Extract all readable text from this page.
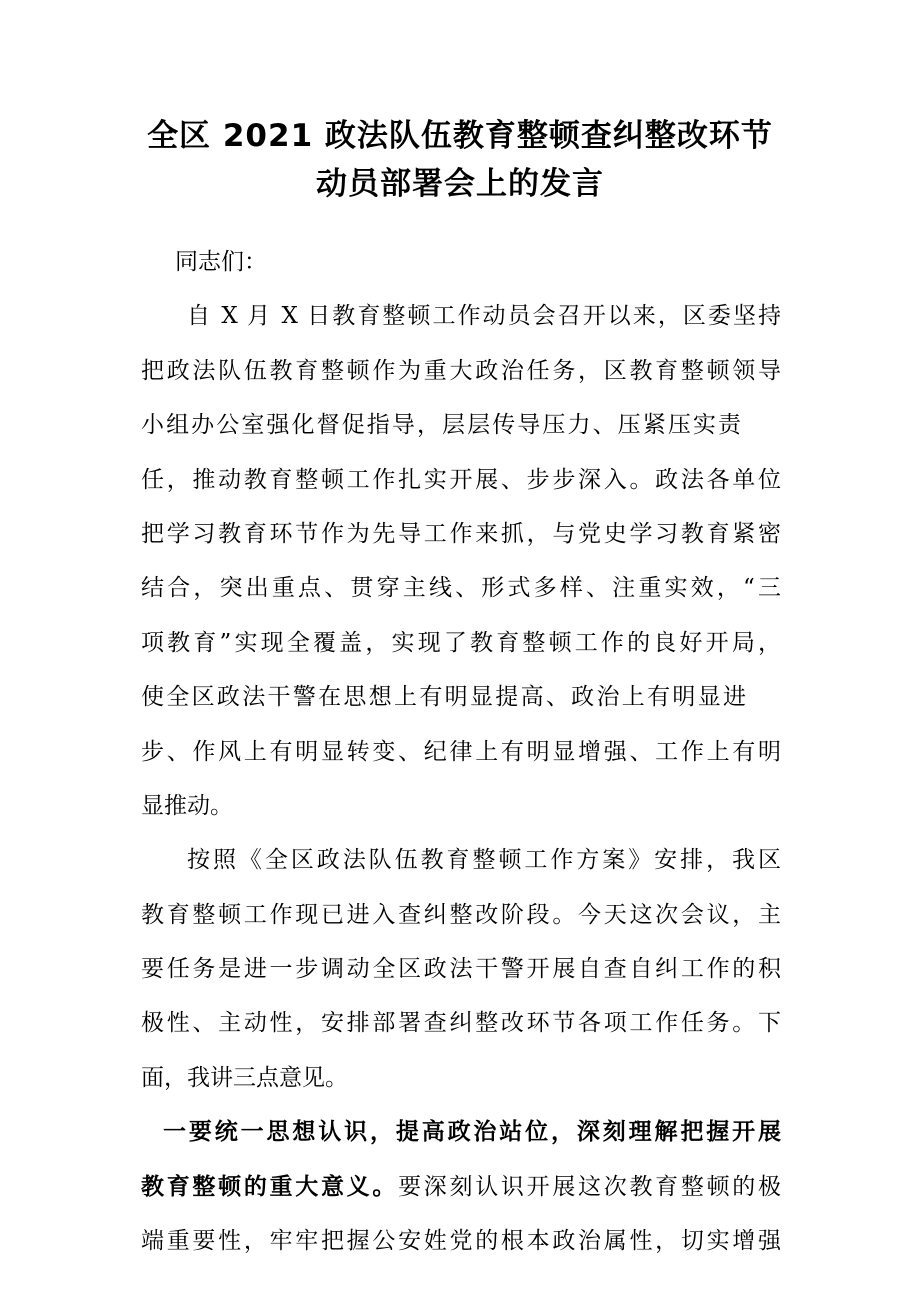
全区 2021 政法队伍教育整顿查纠整改环节
动员部署会上的发言
同志们：
自 X 月 X 日教育整顿工作动员会召开以来，区委坚持
把政法队伍教育整顿作为重大政治任务，区教育整顿领导
小组办公室强化督促指导，层层传导压力、压紧压实责
任，推动教育整顿工作扎实开展、步步深入。政法各单位
把学习教育环节作为先导工作来抓，与党史学习教育紧密
结合，突出重点、贯穿主线、形式多样、注重实效，“三
项教育”实现全覆盖，实现了教育整顿工作的良好开局，
使全区政法干警在思想上有明显提高、政治上有明显进
步、作风上有明显转变、纪律上有明显增强、工作上有明
显推动。
按照《全区政法队伍教育整顿工作方案》安排，我区
教育整顿工作现已进入查纠整改阶段。今天这次会议，主
要任务是进一步调动全区政法干警开展自查自纠工作的积
极性、主动性，安排部署查纠整改环节各项工作任务。下
面，我讲三点意见。
一要统一思想认识，提高政治站位，深刻理解把握开展
教育整顿的重大意义。要深刻认识开展这次教育整顿的极
端重要性，牢牢把握公安姓党的根本政治属性，切实增强
